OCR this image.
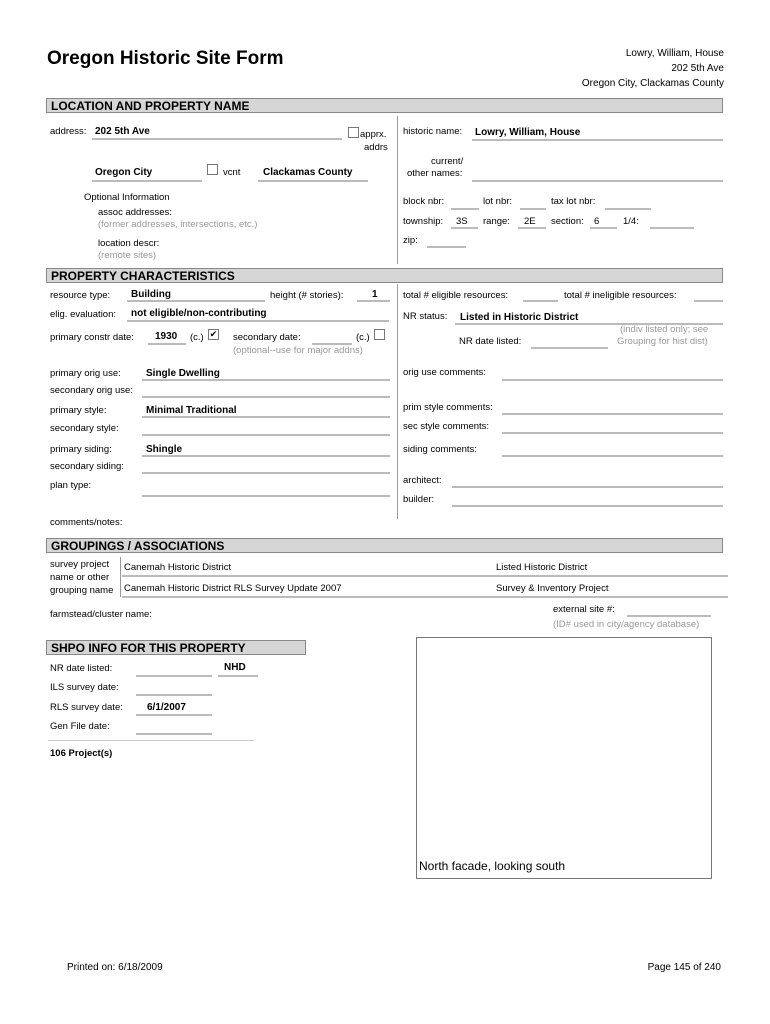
Oregon Historic Site Form	Lowry, William, House
202 5th Ave
Oregon City, Clackamas County
LOCATION AND PROPERTY NAME
address: 202 5th Ave	apprx.
addrs
Oregon City	vcnt Clackamas County
Optional Information
assoc addresses:
(former addresses, intersections, etc.)
location descr:
(remote sites)
historic name: Lowry, William, House
current/
other names:
block nbr:	lot nbr:	tax lot nbr:
township: 3S range: 2E section: 6 1/4:
zip:
PROPERTY CHARACTERISTICS
resource type: Building	height (# stories):	1
elig. evaluation: not eligible/non-contributing
primary constr date: 1930 (c.) ✔ secondary date:	(c.)
(optional--use for major addns)
total # eligible resources:	total # ineligible resources:
NR status: Listed in Historic District
(indiv listed only; see
Grouping for hist dist)
NR date listed:
primary orig use:	Single Dwelling
secondary orig use:
orig use comments:
primary style:	Minimal Traditional
secondary style:
prim style comments:
sec style comments:
primary siding:	Shingle
secondary siding:
siding comments:
plan type:	architect:
builder:
comments/notes:
GROUPINGS / ASSOCIATIONS
survey project
name or other
grouping name
Canemah Historic District	Listed Historic District
Canemah Historic District RLS Survey Update 2007	Survey & Inventory Project
farmstead/cluster name:	external site #:
(ID# used in city/agency database)
SHPO INFO FOR THIS PROPERTY
NR date listed:	NHD
ILS survey date:
RLS survey date: 6/1/2007
Gen File date:
106 Project(s)
North facade, looking south
Printed on: 6/18/2009	Page 145 of 240
